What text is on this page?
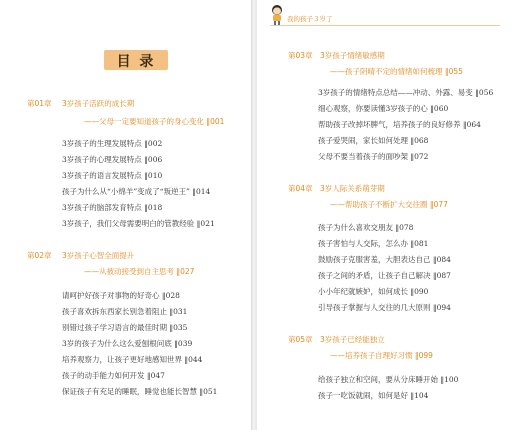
目 录
第01章 3岁孩子活跃的成长期
——父母一定要知道孩子的身心变化 ‖001
3岁孩子的生理发展特点 ‖002
3岁孩子的心理发展特点 ‖006
3岁孩子的语言发展特点 ‖010
孩子为什么从“小绵羊”变成了“叛逆王” ‖014
3岁孩子的脑部发育特点 ‖018
3岁孩子，我们父母需要明白的管教经验 ‖021
第02章 3岁孩子心智全面提升
——从被动接受到自主思考 ‖027
请呵护好孩子对事物的好奇心 ‖028
孩子喜欢拆东西家长别急着阻止 ‖031
别错过孩子学习语言的最佳时期 ‖035
3岁的孩子为什么这么爱刨根问底 ‖039
培养观察力，让孩子更好地感知世界 ‖044
孩子的动手能力如何开发 ‖047
保证孩子有充足的睡眠，睡觉也能长智慧 ‖051
我的孩子３岁了
第03章 3岁孩子情绪敏感期
——孩子阴晴不定的情绪如何梳理 ‖055
3岁孩子的情绪特点总结——冲动、外露、易变 ‖056
细心观察，你要读懂3岁孩子的心 ‖060
帮助孩子改掉坏脾气，培养孩子的良好修养 ‖064
孩子爱哭闹，家长如何处理 ‖068
父母不要当着孩子的面吵架 ‖072
第04章 3岁人际关系萌芽期
——帮助孩子不断扩大交往圈 ‖077
孩子为什么喜欢交朋友 ‖078
孩子害怕与人交际，怎么办 ‖081
鼓励孩子克服害羞，大胆表达自己 ‖084
孩子之间的矛盾，让孩子自己解决 ‖087
小小年纪就嫉妒，如何成长 ‖090
引导孩子掌握与人交往的几大原则 ‖094
第05章 3岁孩子已经能独立
——培养孩子自理好习惯 ‖099
给孩子独立和空间，要从分床睡开始 ‖100
孩子一吃饭就闹，如何是好 ‖104
